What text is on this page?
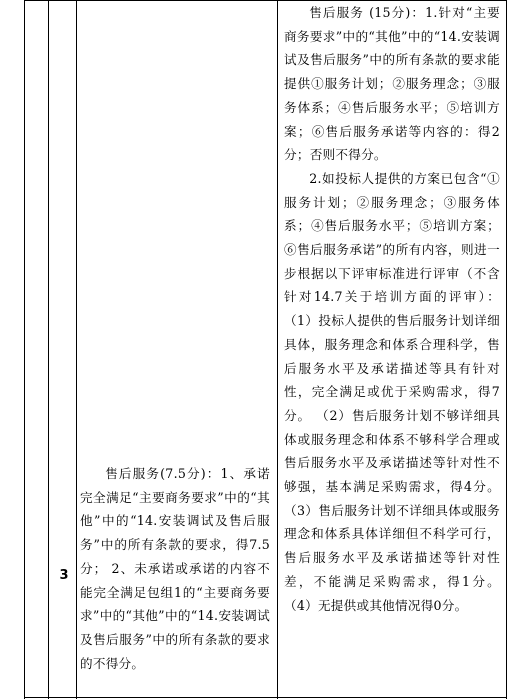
3

售后服务(7.5分)：1、承诺完全满足“主要商务要求”中的“其他”中的“14.安装调试及售后服务”中的所有条款的要求，得7.5分； 2、未承诺或承诺的内容不能完全满足包组1的“主要商务要求”中的“其他”中的“14.安装调试及售后服务”中的所有条款的要求的不得分。

售后服务 (15分)：1.针对“主要商务要求”中的“其他”中的“14.安装调试及售后服务”中的所有条款的要求能提供①服务计划；②服务理念；③服务体系；④售后服务水平；⑤培训方案；⑥售后服务承诺等内容的：得2分；否则不得分。

2.如投标人提供的方案已包含“①服务计划；②服务理念；③服务体系；④售后服务水平；⑤培训方案；⑥售后服务承诺”的所有内容，则进一步根据以下评审标准进行评审（不含针对14.7关于培训方面的评审）： （1）投标人提供的售后服务计划详细具体，服务理念和体系合理科学，售后服务水平及承诺描述等具有针对性，完全满足或优于采购需求，得7分。 （2）售后服务计划不够详细具体或服务理念和体系不够科学合理或售后服务水平及承诺描述等针对性不够强，基本满足采购需求，得4分。 （3）售后服务计划不详细具体或服务理念和体系具体详细但不科学可行，售后服务水平及承诺描述等针对性差，不能满足采购需求，得1分。 （4）无提供或其他情况得0分。
